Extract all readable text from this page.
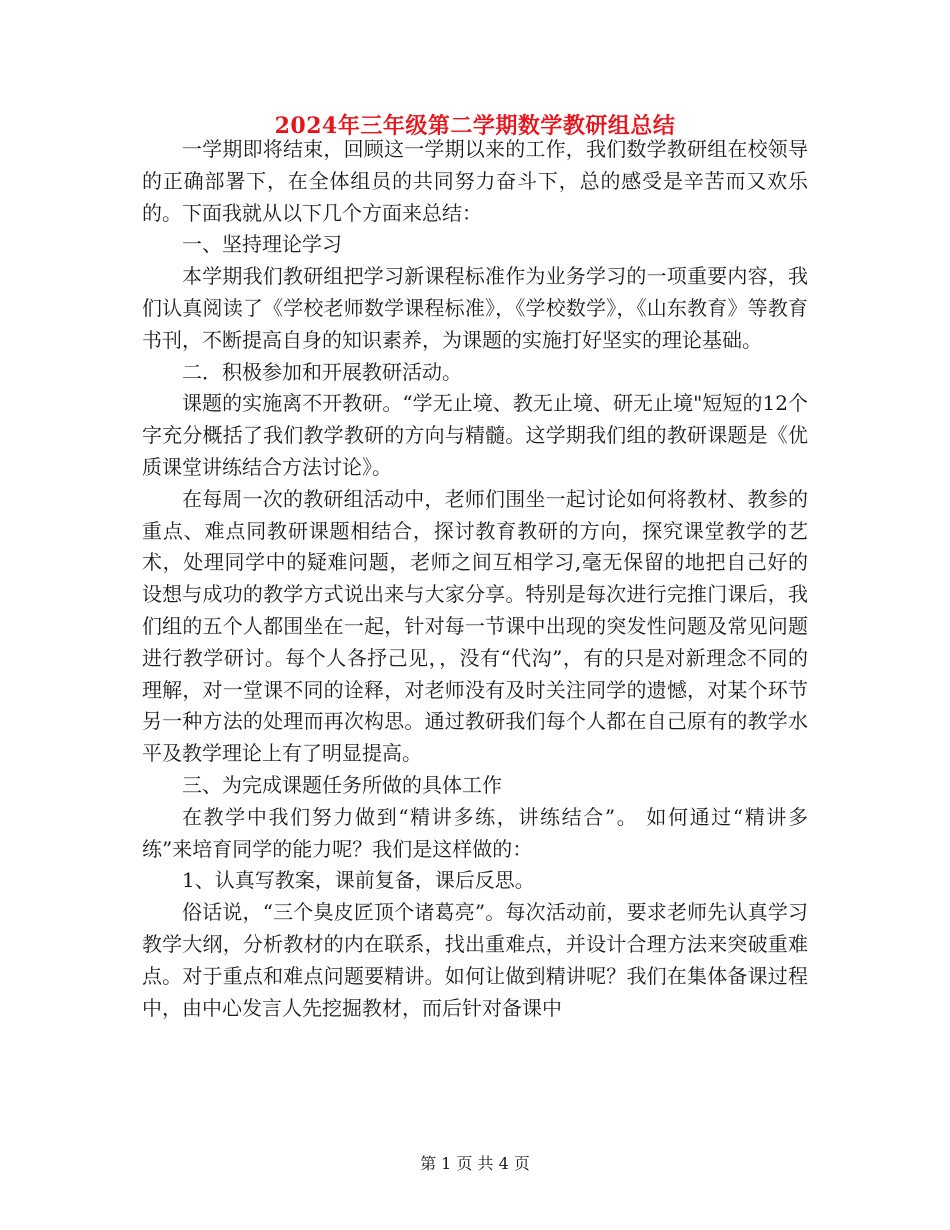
2024年三年级第二学期数学教研组总结

一学期即将结束，回顾这一学期以来的工作，我们数学教研组在校领导的正确部署下，在全体组员的共同努力奋斗下，总的感受是辛苦而又欢乐的。下面我就从以下几个方面来总结：

一、坚持理论学习

本学期我们教研组把学习新课程标准作为业务学习的一项重要内容，我们认真阅读了《学校老师数学课程标准》，《学校数学》，《山东教育》等教育书刊，不断提高自身的知识素养，为课题的实施打好坚实的理论基础。

二．积极参加和开展教研活动。

课题的实施离不开教研。“学无止境、教无止境、研无止境"短短的12个字充分概括了我们教学教研的方向与精髓。这学期我们组的教研课题是《优质课堂讲练结合方法讨论》。

在每周一次的教研组活动中，老师们围坐一起讨论如何将教材、教参的重点、难点同教研课题相结合，探讨教育教研的方向，探究课堂教学的艺术，处理同学中的疑难问题，老师之间互相学习,毫无保留的地把自己好的设想与成功的教学方式说出来与大家分享。特别是每次进行完推门课后，我们组的五个人都围坐在一起，针对每一节课中出现的突发性问题及常见问题进行教学研讨。每个人各抒己见，，没有“代沟”，有的只是对新理念不同的理解，对一堂课不同的诠释，对老师没有及时关注同学的遗憾，对某个环节另一种方法的处理而再次构思。通过教研我们每个人都在自己原有的教学水平及教学理论上有了明显提高。

三、为完成课题任务所做的具体工作

在教学中我们努力做到“精讲多练，讲练结合”。 如何通过“精讲多练”来培育同学的能力呢？我们是这样做的：

1、认真写教案，课前复备，课后反思。

俗话说，“三个臭皮匠顶个诸葛亮”。每次活动前，要求老师先认真学习教学大纲，分析教材的内在联系，找出重难点，并设计合理方法来突破重难点。对于重点和难点问题要精讲。如何让做到精讲呢？我们在集体备课过程中，由中心发言人先挖掘教材，而后针对备课中

第 1 页 共 4 页
